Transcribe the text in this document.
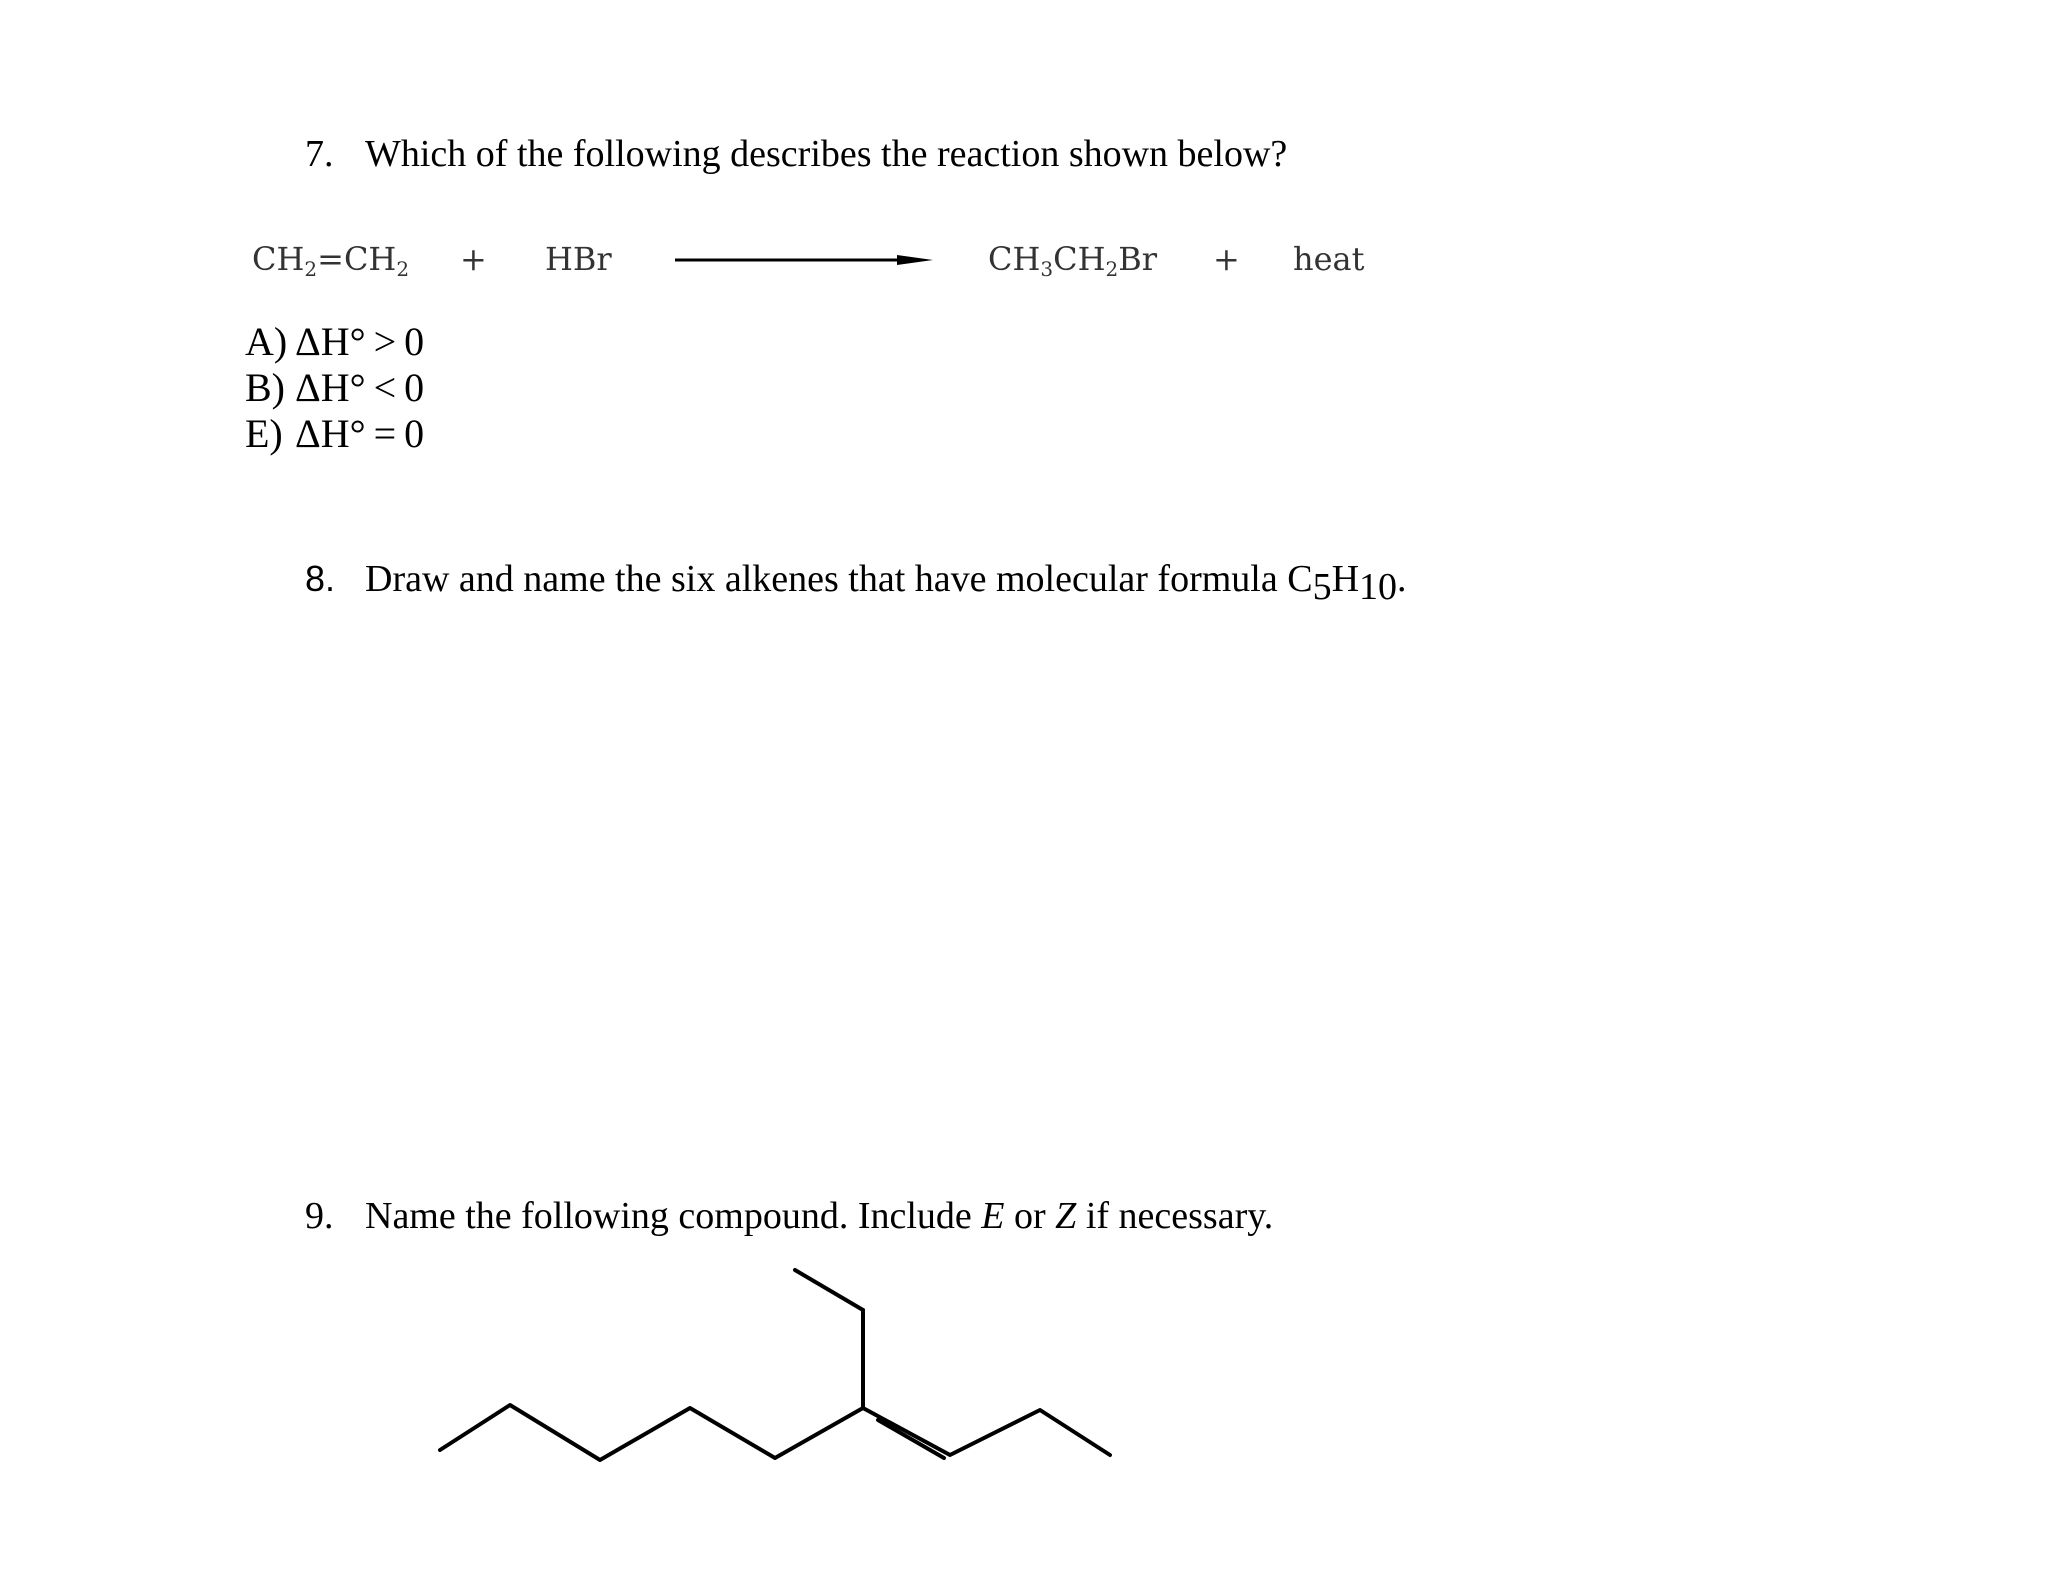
7. Which of the following describes the reaction shown below?
$CH_2=CH_2$ + HBr	$CH_3CH_2Br$ + heat
A) ΔH° > 0
B) ΔH° < 0
E) ΔH° = 0
8. Draw and name the six alkenes that have molecular formula C5H10.
9. Name the following compound. Include E or Z if necessary.
